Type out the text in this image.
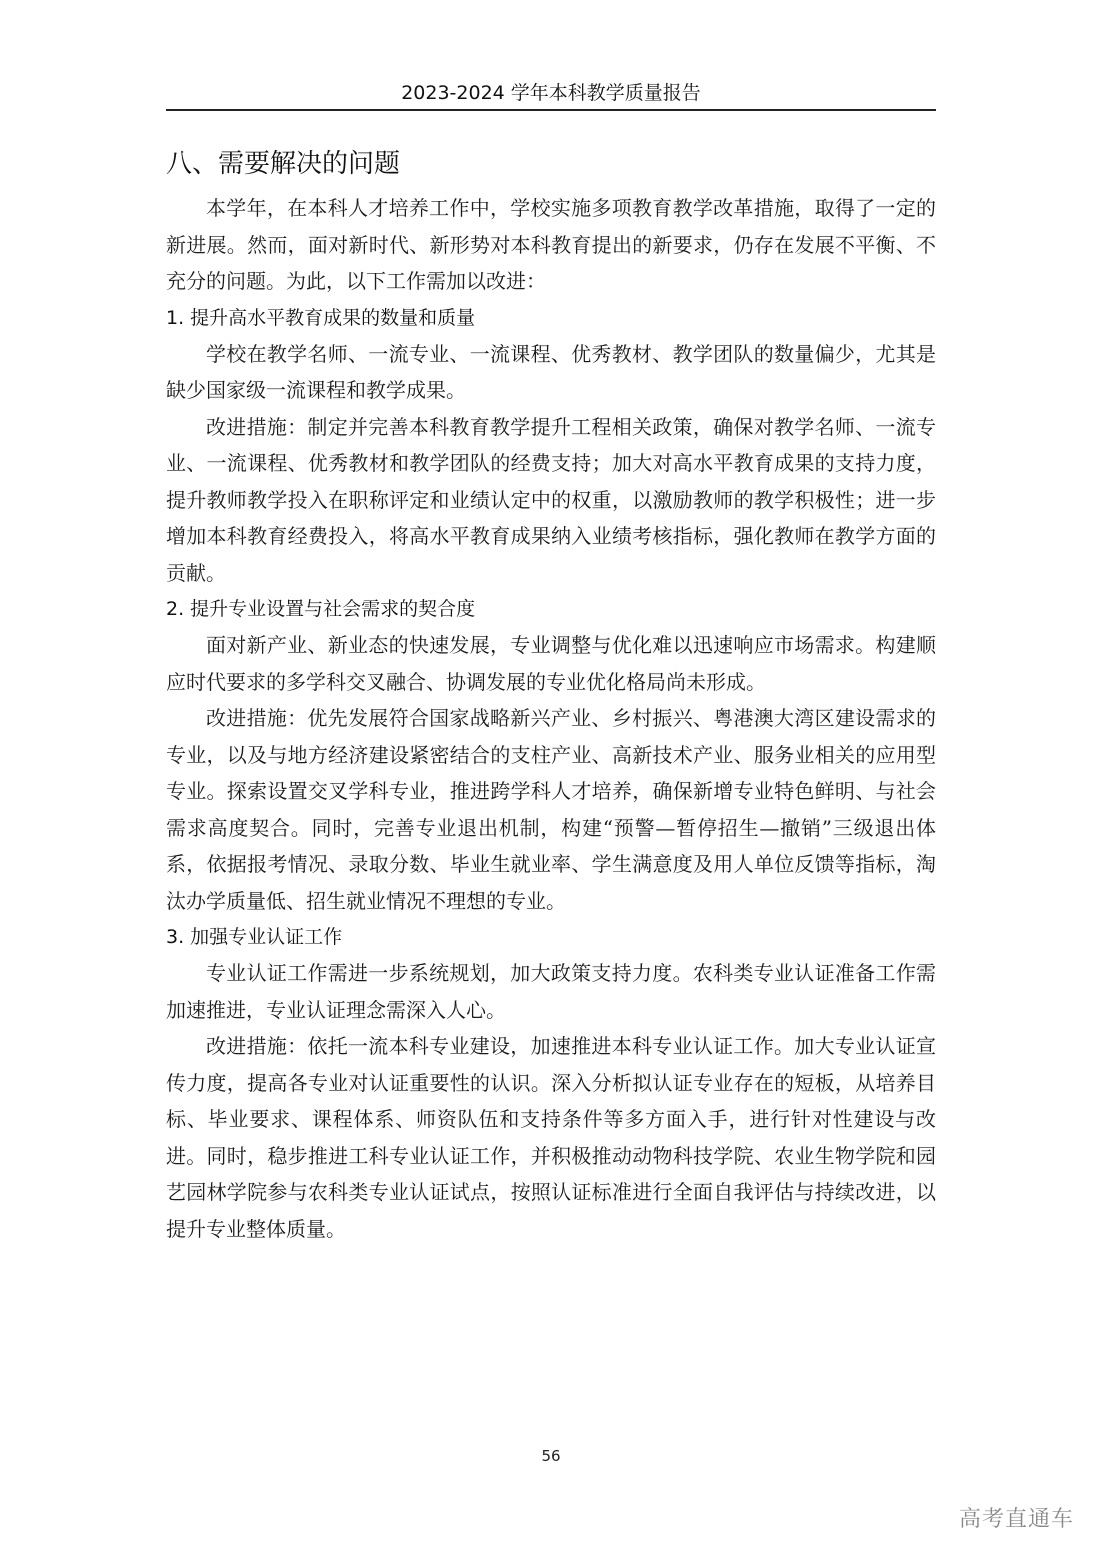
2023-2024 学年本科教学质量报告
八、需要解决的问题

本学年，在本科人才培养工作中，学校实施多项教育教学改革措施，取得了一定的新进展。然而，面对新时代、新形势对本科教育提出的新要求，仍存在发展不平衡、不充分的问题。为此，以下工作需加以改进：

1. 提升高水平教育成果的数量和质量

学校在教学名师、一流专业、一流课程、优秀教材、教学团队的数量偏少，尤其是缺少国家级一流课程和教学成果。

改进措施：制定并完善本科教育教学提升工程相关政策，确保对教学名师、一流专业、一流课程、优秀教材和教学团队的经费支持；加大对高水平教育成果的支持力度，提升教师教学投入在职称评定和业绩认定中的权重，以激励教师的教学积极性；进一步增加本科教育经费投入，将高水平教育成果纳入业绩考核指标，强化教师在教学方面的贡献。

2. 提升专业设置与社会需求的契合度

面对新产业、新业态的快速发展，专业调整与优化难以迅速响应市场需求。构建顺应时代要求的多学科交叉融合、协调发展的专业优化格局尚未形成。

改进措施：优先发展符合国家战略新兴产业、乡村振兴、粤港澳大湾区建设需求的专业，以及与地方经济建设紧密结合的支柱产业、高新技术产业、服务业相关的应用型专业。探索设置交叉学科专业，推进跨学科人才培养，确保新增专业特色鲜明、与社会需求高度契合。同时，完善专业退出机制，构建“预警—暂停招生—撤销”三级退出体系，依据报考情况、录取分数、毕业生就业率、学生满意度及用人单位反馈等指标，淘汰办学质量低、招生就业情况不理想的专业。

3. 加强专业认证工作

专业认证工作需进一步系统规划，加大政策支持力度。农科类专业认证准备工作需加速推进，专业认证理念需深入人心。

改进措施：依托一流本科专业建设，加速推进本科专业认证工作。加大专业认证宣传力度，提高各专业对认证重要性的认识。深入分析拟认证专业存在的短板，从培养目标、毕业要求、课程体系、师资队伍和支持条件等多方面入手，进行针对性建设与改进。同时，稳步推进工科专业认证工作，并积极推动动物科技学院、农业生物学院和园艺园林学院参与农科类专业认证试点，按照认证标准进行全面自我评估与持续改进，以提升专业整体质量。

56
高考直通车
